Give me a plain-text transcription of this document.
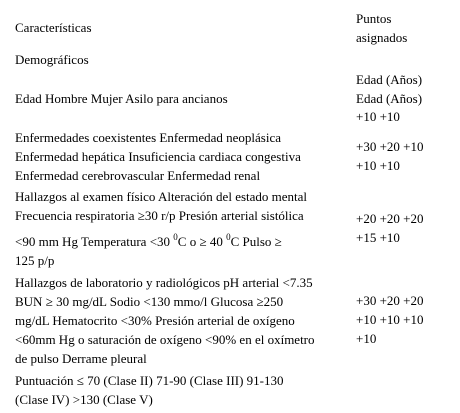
Características
Puntos
asignados
Demográficos
Edad (Años)
Edad Hombre Mujer Asilo para ancianos	Edad (Años)
+10 +10
Enfermedades coexistentes Enfermedad neoplásica
Enfermedad hepática Insuficiencia cardiaca congestiva
Enfermedad cerebrovascular Enfermedad renal
+30 +20 +10
+10 +10
Hallazgos al examen físico Alteración del estado mental
Frecuencia respiratoria ≥30 r/p Presión arterial sistólica
<90 mm Hg Temperatura <30 $^0$C o ≥ 40 $^0$C Pulso ≥
125 p/p
+20 +20 +20
+15 +10
Hallazgos de laboratorio y radiológicos pH arterial <7.35
BUN ≥ 30 mg/dL Sodio <130 mmo/l Glucosa ≥250
mg/dL Hematocrito <30% Presión arterial de oxígeno
<60mm Hg o saturación de oxígeno <90% en el oxímetro
de pulso Derrame pleural
+30 +20 +20
+10 +10 +10
+10
Puntuación ≤ 70 (Clase II) 71-90 (Clase III) 91-130
(Clase IV) >130 (Clase V)
